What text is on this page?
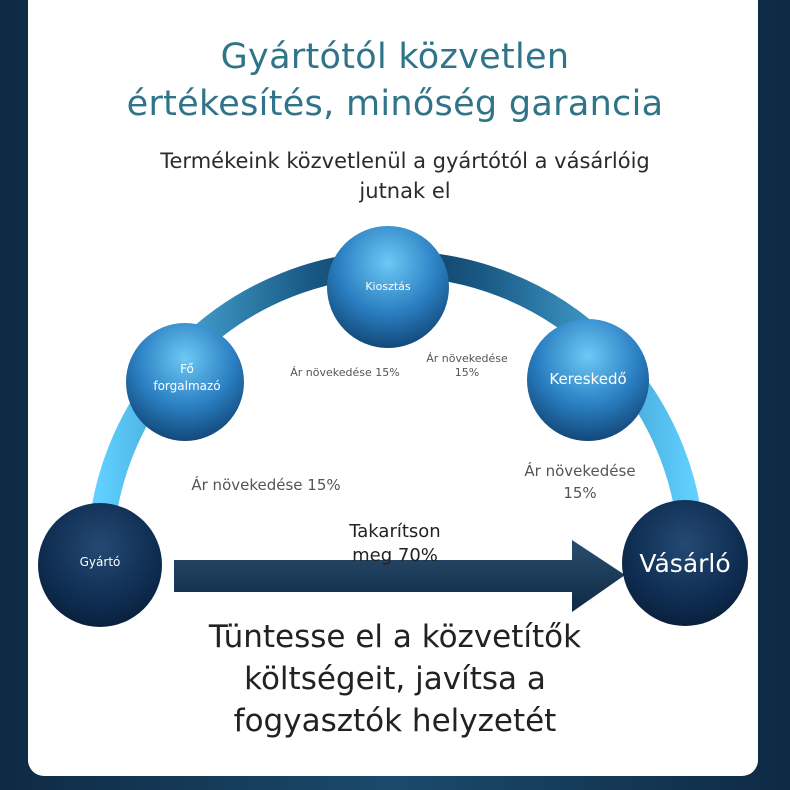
Gyártótól közvetlen
értékesítés, minőség garancia
Termékeink közvetlenül a gyártótól a vásárlóig
jutnak el
Gyártó
Fő
forgalmazó
Kiosztás
Kereskedő
Vásárló
Ár növekedése 15%
Ár növekedése 15%
Ár növekedése
15%
Ár növekedése
15%
Takarítson
meg 70%
Tüntesse el a közvetítők
költségeit, javítsa a
fogyasztók helyzetét
